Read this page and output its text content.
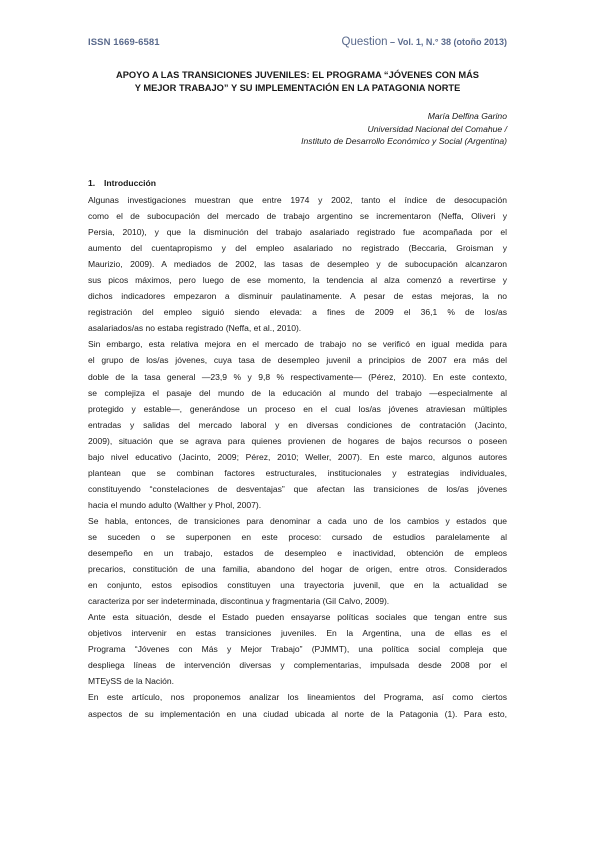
ISSN 1669-6581	Question – Vol. 1, N.° 38 (otoño 2013)
APOYO A LAS TRANSICIONES JUVENILES: EL PROGRAMA “JÓVENES CON MÁS
Y MEJOR TRABAJO” Y SU IMPLEMENTACIÓN EN LA PATAGONIA NORTE
María Delfina Garino
Universidad Nacional del Comahue /
Instituto de Desarrollo Económico y Social (Argentina)
1. Introducción

Algunas investigaciones muestran que entre 1974 y 2002, tanto el índice de desocupación
como el de subocupación del mercado de trabajo argentino se incrementaron (Neffa, Oliveri y
Persia, 2010), y que la disminución del trabajo asalariado registrado fue acompañada por el
aumento del cuentapropismo y del empleo asalariado no registrado (Beccaria, Groisman y
Maurizio, 2009). A mediados de 2002, las tasas de desempleo y de subocupación alcanzaron
sus picos máximos, pero luego de ese momento, la tendencia al alza comenzó a revertirse y
dichos indicadores empezaron a disminuir paulatinamente. A pesar de estas mejoras, la no
registración del empleo siguió siendo elevada: a fines de 2009 el 36,1 % de los/as
asalariados/as no estaba registrado (Neffa, et al., 2010).

Sin embargo, esta relativa mejora en el mercado de trabajo no se verificó en igual medida para
el grupo de los/as jóvenes, cuya tasa de desempleo juvenil a principios de 2007 era más del
doble de la tasa general —23,9 % y 9,8 % respectivamente— (Pérez, 2010). En este contexto,
se complejiza el pasaje del mundo de la educación al mundo del trabajo —especialmente al
protegido y estable—, generándose un proceso en el cual los/as jóvenes atraviesan múltiples
entradas y salidas del mercado laboral y en diversas condiciones de contratación (Jacinto,
2009), situación que se agrava para quienes provienen de hogares de bajos recursos o poseen
bajo nivel educativo (Jacinto, 2009; Pérez, 2010; Weller, 2007). En este marco, algunos autores
plantean que se combinan factores estructurales, institucionales y estrategias individuales,
constituyendo “constelaciones de desventajas” que afectan las transiciones de los/as jóvenes
hacia el mundo adulto (Walther y Phol, 2007).

Se habla, entonces, de transiciones para denominar a cada uno de los cambios y estados que
se suceden o se superponen en este proceso: cursado de estudios paralelamente al
desempeño en un trabajo, estados de desempleo e inactividad, obtención de empleos
precarios, constitución de una familia, abandono del hogar de origen, entre otros. Considerados
en conjunto, estos episodios constituyen una trayectoria juvenil, que en la actualidad se
caracteriza por ser indeterminada, discontinua y fragmentaria (Gil Calvo, 2009).

Ante esta situación, desde el Estado pueden ensayarse políticas sociales que tengan entre sus
objetivos intervenir en estas transiciones juveniles. En la Argentina, una de ellas es el
Programa “Jóvenes con Más y Mejor Trabajo” (PJMMT), una política social compleja que
despliega líneas de intervención diversas y complementarias, impulsada desde 2008 por el
MTEySS de la Nación.

En este artículo, nos proponemos analizar los lineamientos del Programa, así como ciertos
aspectos de su implementación en una ciudad ubicada al norte de la Patagonia (1). Para esto,
